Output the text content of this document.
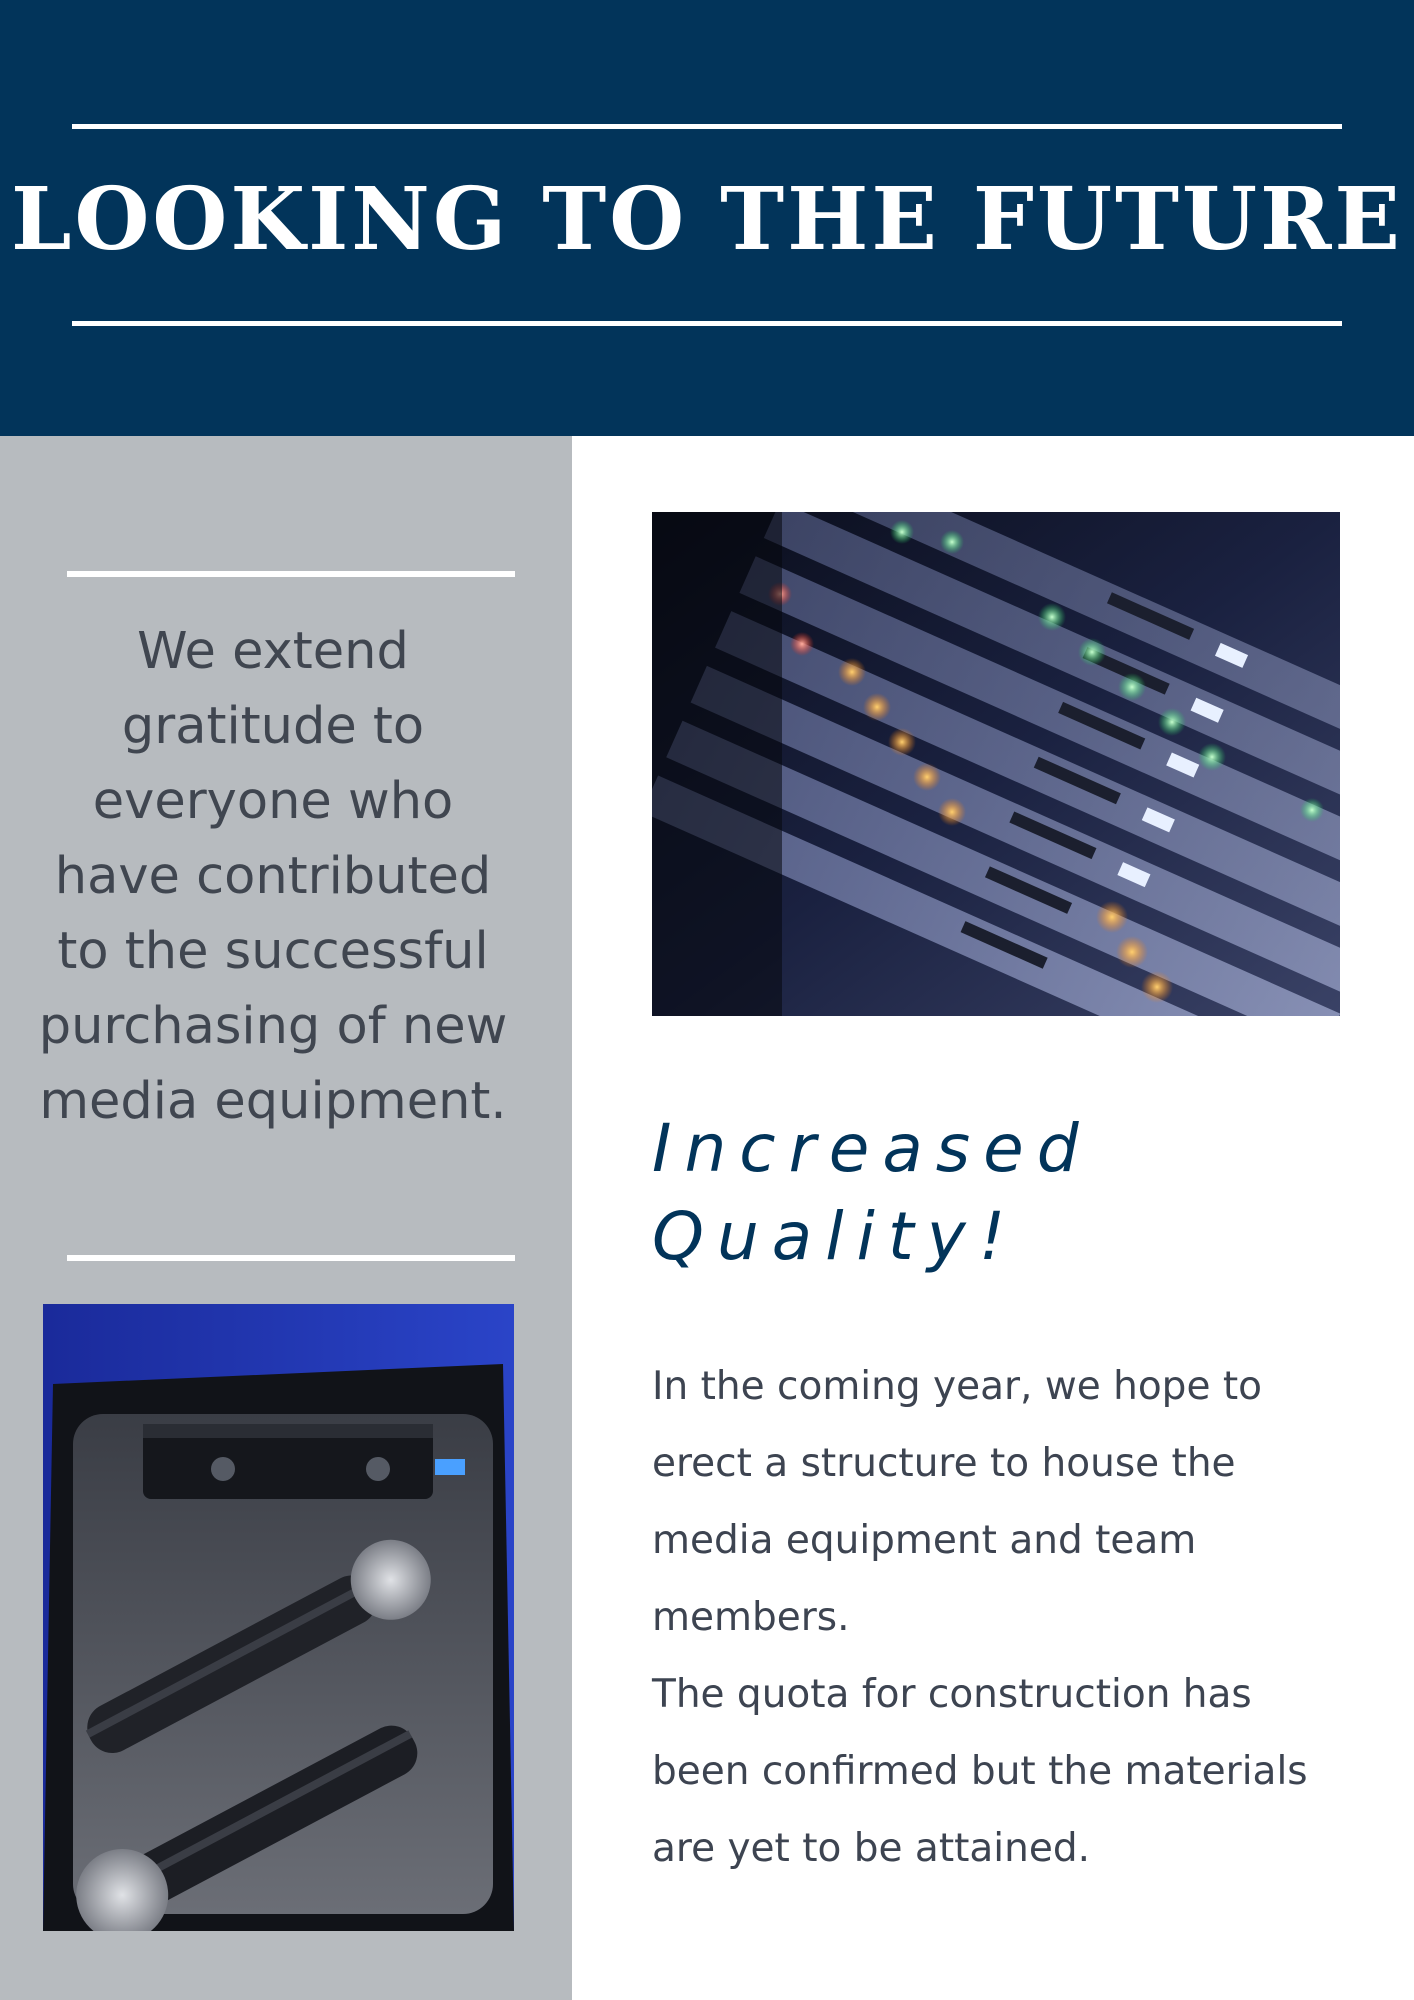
LOOKING TO THE FUTURE

We extend gratitude to everyone who have contributed to the successful purchasing of new media equipment.

Increased Quality!

In the coming year, we hope to erect a structure to house the media equipment and team members.

The quota for construction has been confirmed but the materials are yet to be attained.
